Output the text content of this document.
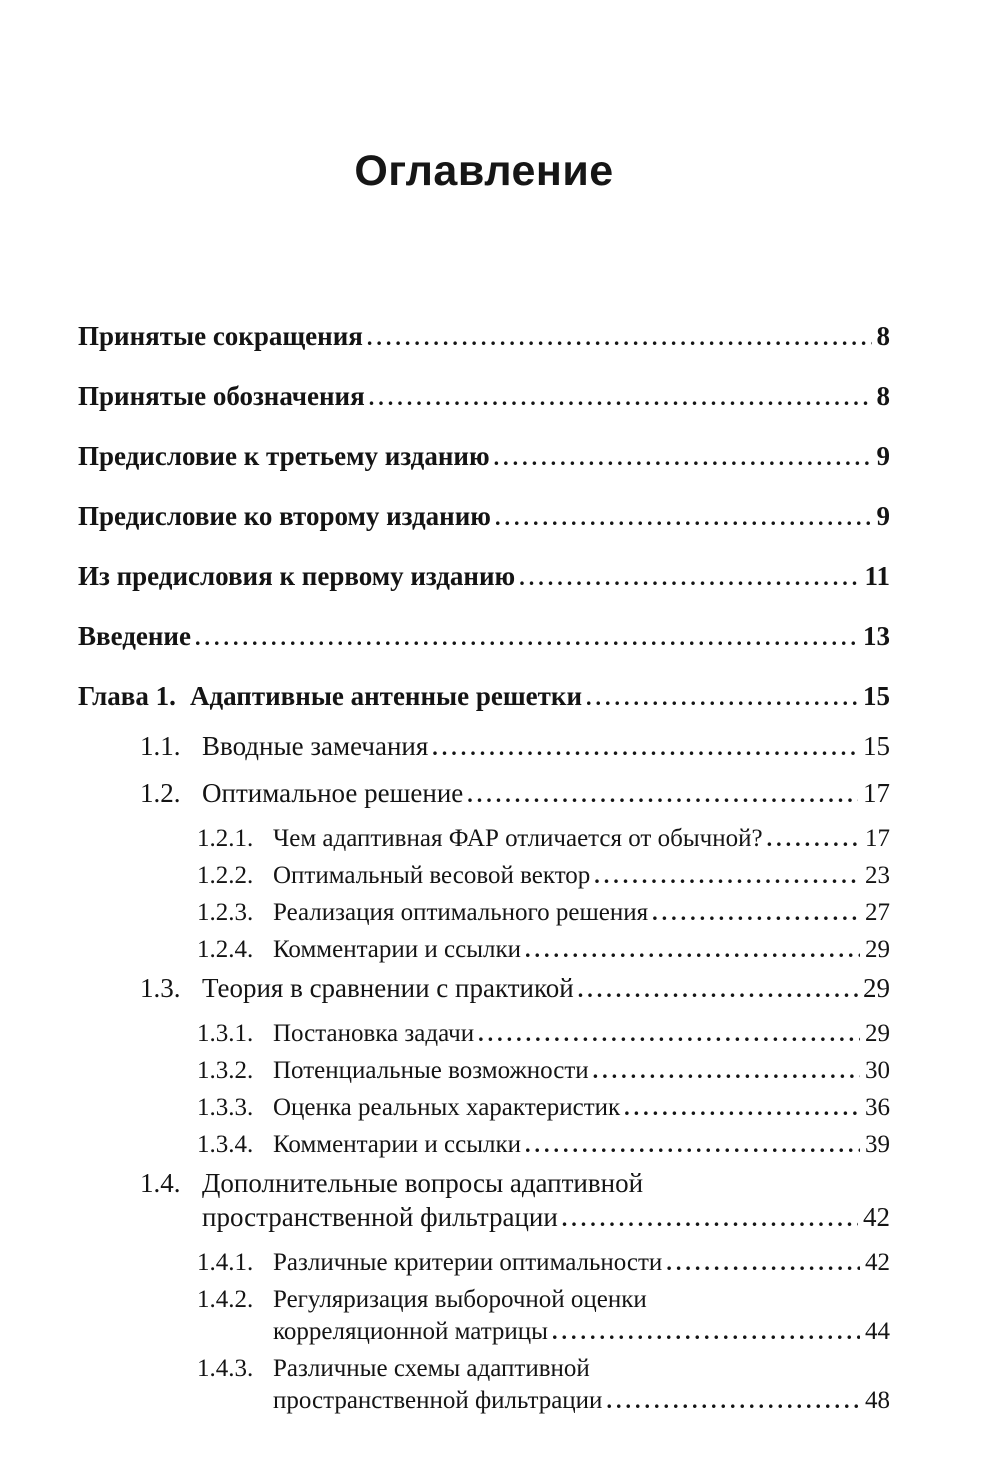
Оглавление
Принятые сокращения .....	8
Принятые обозначения .....	8
Предисловие к третьему изданию .....	9
Предисловие ко второму изданию .....	9
Из предисловия к первому изданию .....	11
Введение .....	13
Глава 1. Адаптивные антенные решетки .....	15
1.1. Вводные замечания .....	15
1.2. Оптимальное решение .....	17
1.2.1. Чем адаптивная ФАР отличается от обычной? .....	17
1.2.2. Оптимальный весовой вектор .....	23
1.2.3. Реализация оптимального решения .....	27
1.2.4. Комментарии и ссылки .....	29
1.3. Теория в сравнении с практикой .....	29
1.3.1. Постановка задачи .....	29
1.3.2. Потенциальные возможности .....	30
1.3.3. Оценка реальных характеристик .....	36
1.3.4. Комментарии и ссылки .....	39
1.4. Дополнительные вопросы адаптивной
пространственной фильтрации .....	42
1.4.1. Различные критерии оптимальности .....	42
1.4.2. Регуляризация выборочной оценки
корреляционной матрицы .....	44
1.4.3. Различные схемы адаптивной
пространственной фильтрации .....	48
